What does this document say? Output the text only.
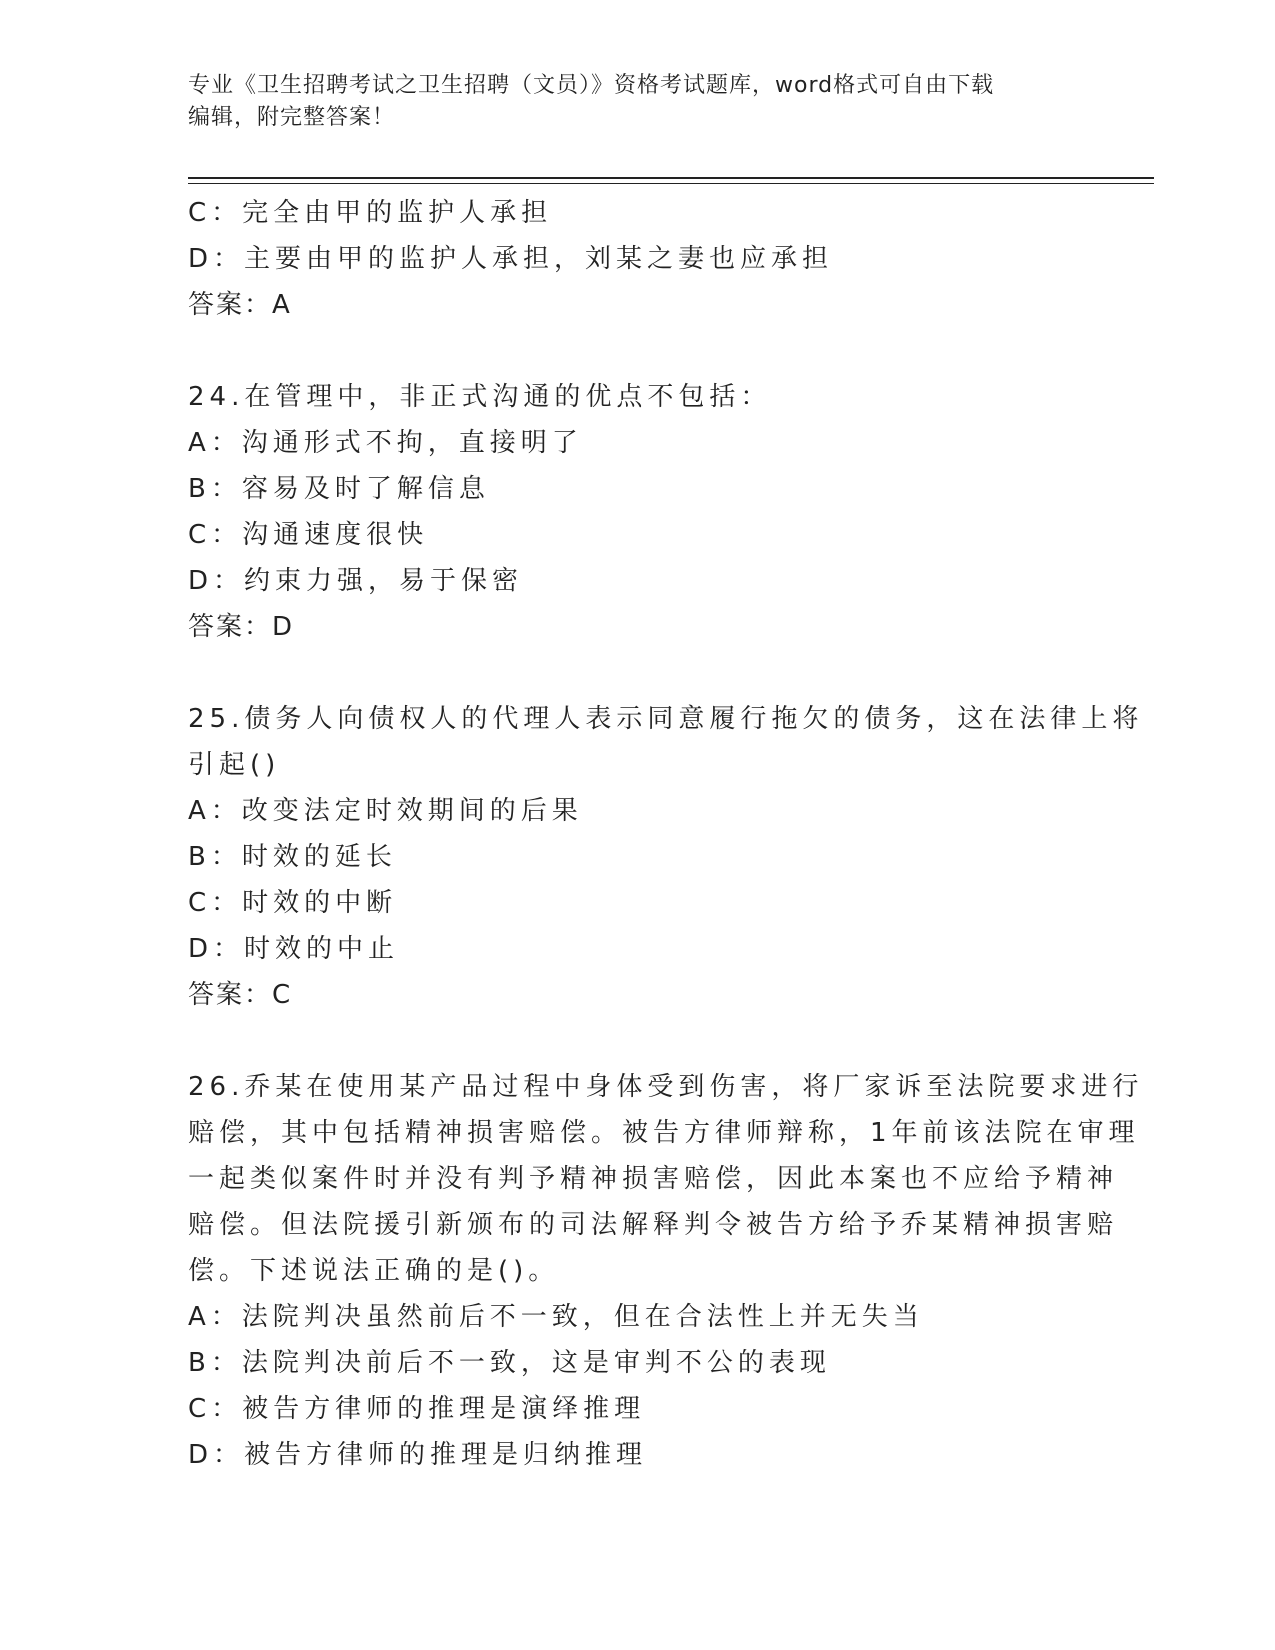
专业《卫生招聘考试之卫生招聘（文员）》资格考试题库，word格式可自由下载
编辑，附完整答案！
C：完全由甲的监护人承担
D：主要由甲的监护人承担，刘某之妻也应承担
答案：A
24.在管理中，非正式沟通的优点不包括：
A：沟通形式不拘，直接明了
B：容易及时了解信息
C：沟通速度很快
D：约束力强，易于保密
答案：D
25.债务人向债权人的代理人表示同意履行拖欠的债务，这在法律上将
引起()
A：改变法定时效期间的后果
B：时效的延长
C：时效的中断
D：时效的中止
答案：C
26.乔某在使用某产品过程中身体受到伤害，将厂家诉至法院要求进行
赔偿，其中包括精神损害赔偿。被告方律师辩称，1年前该法院在审理
一起类似案件时并没有判予精神损害赔偿，因此本案也不应给予精神
赔偿。但法院援引新颁布的司法解释判令被告方给予乔某精神损害赔
偿。下述说法正确的是()。
A：法院判决虽然前后不一致，但在合法性上并无失当
B：法院判决前后不一致，这是审判不公的表现
C：被告方律师的推理是演绎推理
D：被告方律师的推理是归纳推理
